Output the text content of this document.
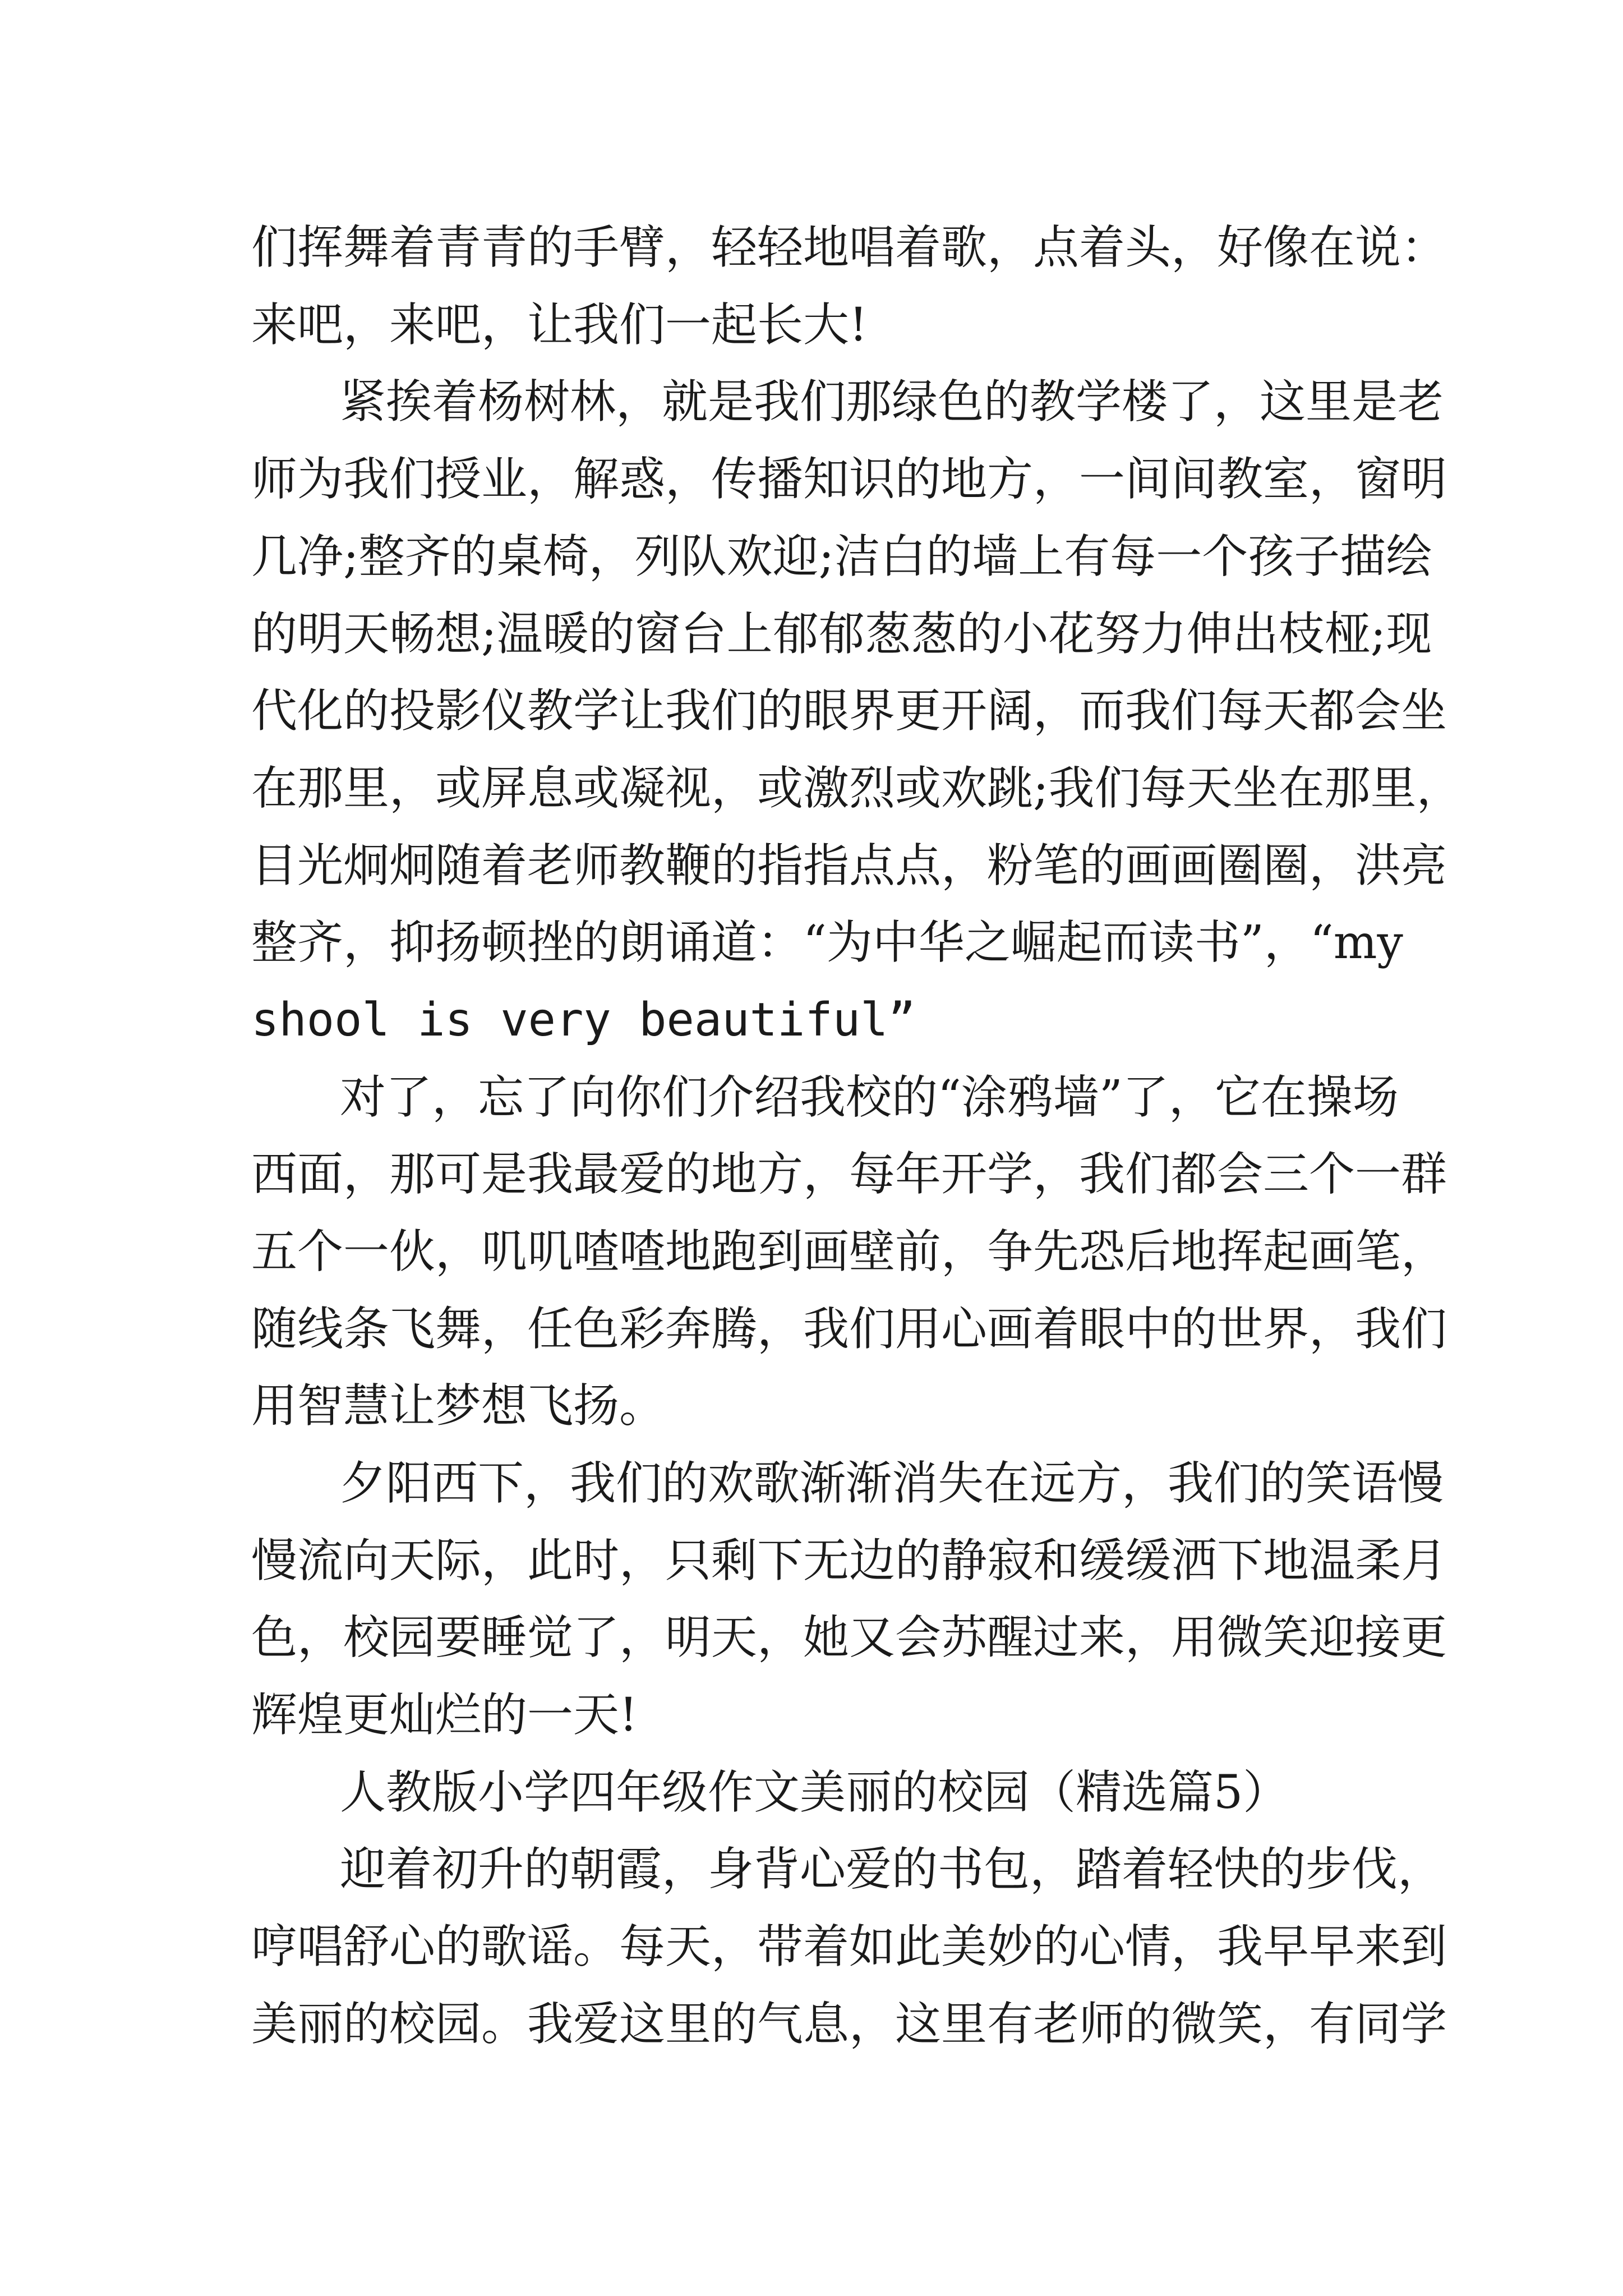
们挥舞着青青的手臂，轻轻地唱着歌，点着头，好像在说：
来吧，来吧，让我们一起长大!
紧挨着杨树林，就是我们那绿色的教学楼了，这里是老
师为我们授业，解惑，传播知识的地方，一间间教室，窗明
几净;整齐的桌椅，列队欢迎;洁白的墙上有每一个孩子描绘
的明天畅想;温暖的窗台上郁郁葱葱的小花努力伸出枝桠;现
代化的投影仪教学让我们的眼界更开阔，而我们每天都会坐
在那里，或屏息或凝视，或激烈或欢跳;我们每天坐在那里，
目光炯炯随着老师教鞭的指指点点，粉笔的画画圈圈，洪亮
整齐，抑扬顿挫的朗诵道：“为中华之崛起而读书”，“my
shool is very beautiful”
对了，忘了向你们介绍我校的“涂鸦墙”了，它在操场
西面，那可是我最爱的地方，每年开学，我们都会三个一群
五个一伙，叽叽喳喳地跑到画壁前，争先恐后地挥起画笔，
随线条飞舞，任色彩奔腾，我们用心画着眼中的世界，我们
用智慧让梦想飞扬。
夕阳西下，我们的欢歌渐渐消失在远方，我们的笑语慢
慢流向天际，此时，只剩下无边的静寂和缓缓洒下地温柔月
色，校园要睡觉了，明天，她又会苏醒过来，用微笑迎接更
辉煌更灿烂的一天!
人教版小学四年级作文美丽的校园（精选篇5）
迎着初升的朝霞，身背心爱的书包，踏着轻快的步伐，
哼唱舒心的歌谣。每天，带着如此美妙的心情，我早早来到
美丽的校园。我爱这里的气息，这里有老师的微笑，有同学
